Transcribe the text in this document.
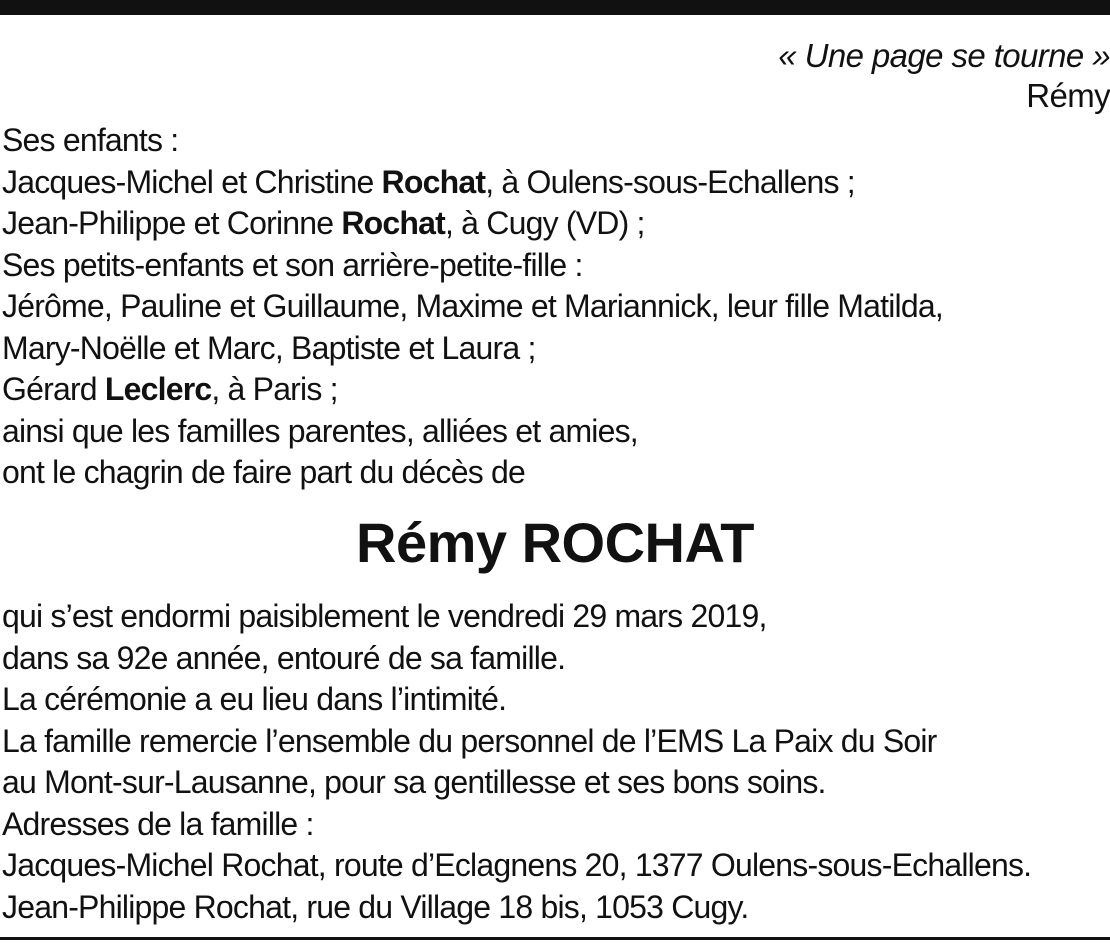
« Une page se tourne »
Rémy
Ses enfants :
Jacques-Michel et Christine Rochat, à Oulens-sous-Echallens ;
Jean-Philippe et Corinne Rochat, à Cugy (VD) ;
Ses petits-enfants et son arrière-petite-fille :
Jérôme, Pauline et Guillaume, Maxime et Mariannick, leur fille Matilda,
Mary-Noëlle et Marc, Baptiste et Laura ;
Gérard Leclerc, à Paris ;
ainsi que les familles parentes, alliées et amies,
ont le chagrin de faire part du décès de
Rémy ROCHAT
qui s’est endormi paisiblement le vendredi 29 mars 2019,
dans sa 92e année, entouré de sa famille.
La cérémonie a eu lieu dans l’intimité.
La famille remercie l’ensemble du personnel de l’EMS La Paix du Soir
au Mont-sur-Lausanne, pour sa gentillesse et ses bons soins.
Adresses de la famille :
Jacques-Michel Rochat, route d’Eclagnens 20, 1377 Oulens-sous-Echallens.
Jean-Philippe Rochat, rue du Village 18 bis, 1053 Cugy.
